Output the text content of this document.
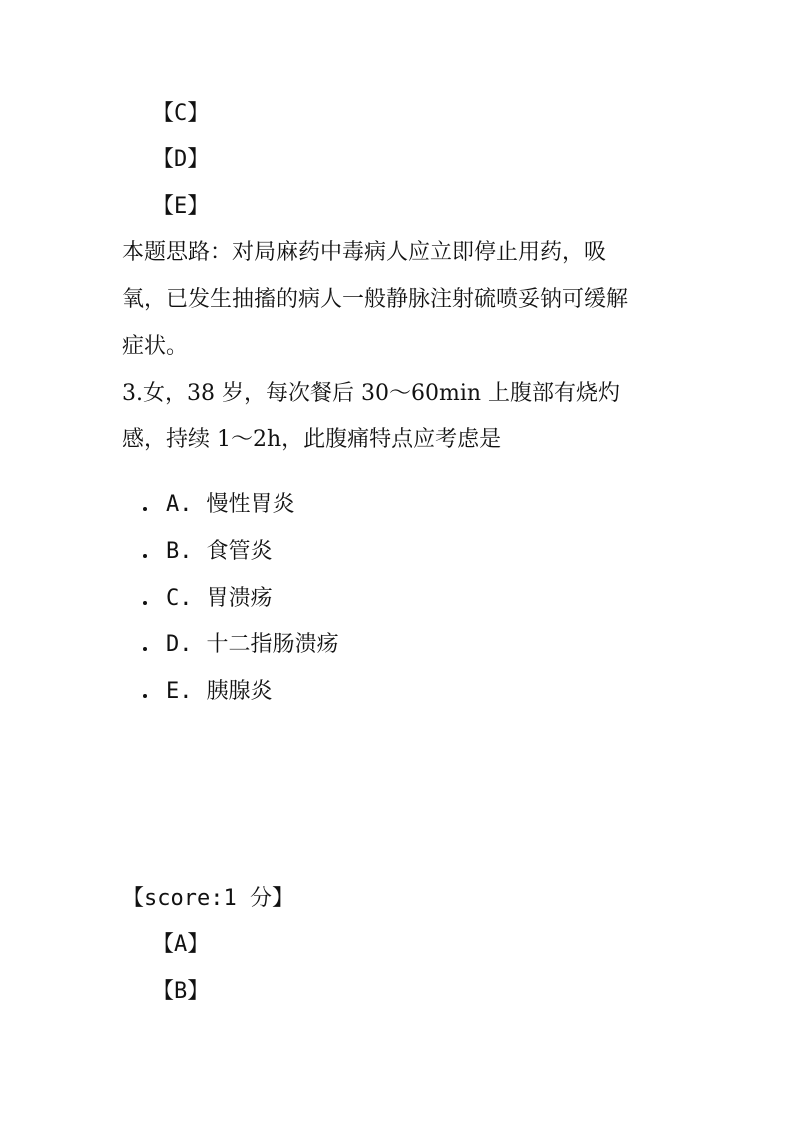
【C】
【D】
【E】
本题思路：对局麻药中毒病人应立即停止用药，吸
氧，已发生抽搐的病人一般静脉注射硫喷妥钠可缓解
症状。
3.女，38 岁，每次餐后 30～60min 上腹部有烧灼
感，持续 1～2h，此腹痛特点应考虑是
A. 慢性胃炎
B. 食管炎
C. 胃溃疡
D. 十二指肠溃疡
E. 胰腺炎
【score:1 分】
【A】
【B】
